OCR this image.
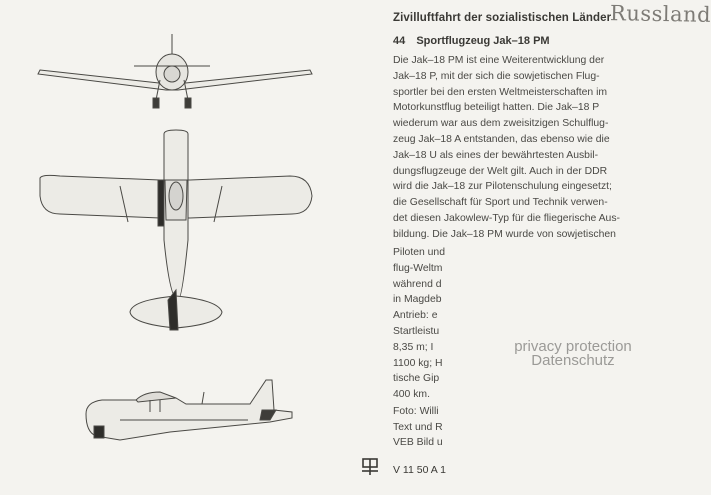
Zivilluftfahrt der sozialistischen Länder
Russland
44 Sportflugzeug Jak–18 PM
Die Jak–18 PM ist eine Weiterentwicklung der
Jak–18 P, mit der sich die sowjetischen Flug-
sportler bei den ersten Weltmeisterschaften im
Motorkunstflug beteiligt hatten. Die Jak–18 P
wiederum war aus dem zweisitzigen Schulflug-
zeug Jak–18 A entstanden, das ebenso wie die
Jak–18 U als eines der bewährtesten Ausbil-
dungsflugzeuge der Welt gilt. Auch in der DDR
wird die Jak–18 zur Pilotenschulung eingesetzt;
die Gesellschaft für Sport und Technik verwen-
det diesen Jakowlew-Typ für die fliegerische Aus-
bildung. Die Jak–18 PM wurde von sowjetischen
Piloten und
flug-Weltm
während d
in Magdeb
Antrieb: e
Startleistu
8,35 m; I
1100 kg; H
tische Gip
400 km.
Foto: Willi
Text und R
VEB Bild u
V 11 50 A 1
privacy protection
Datenschutz
